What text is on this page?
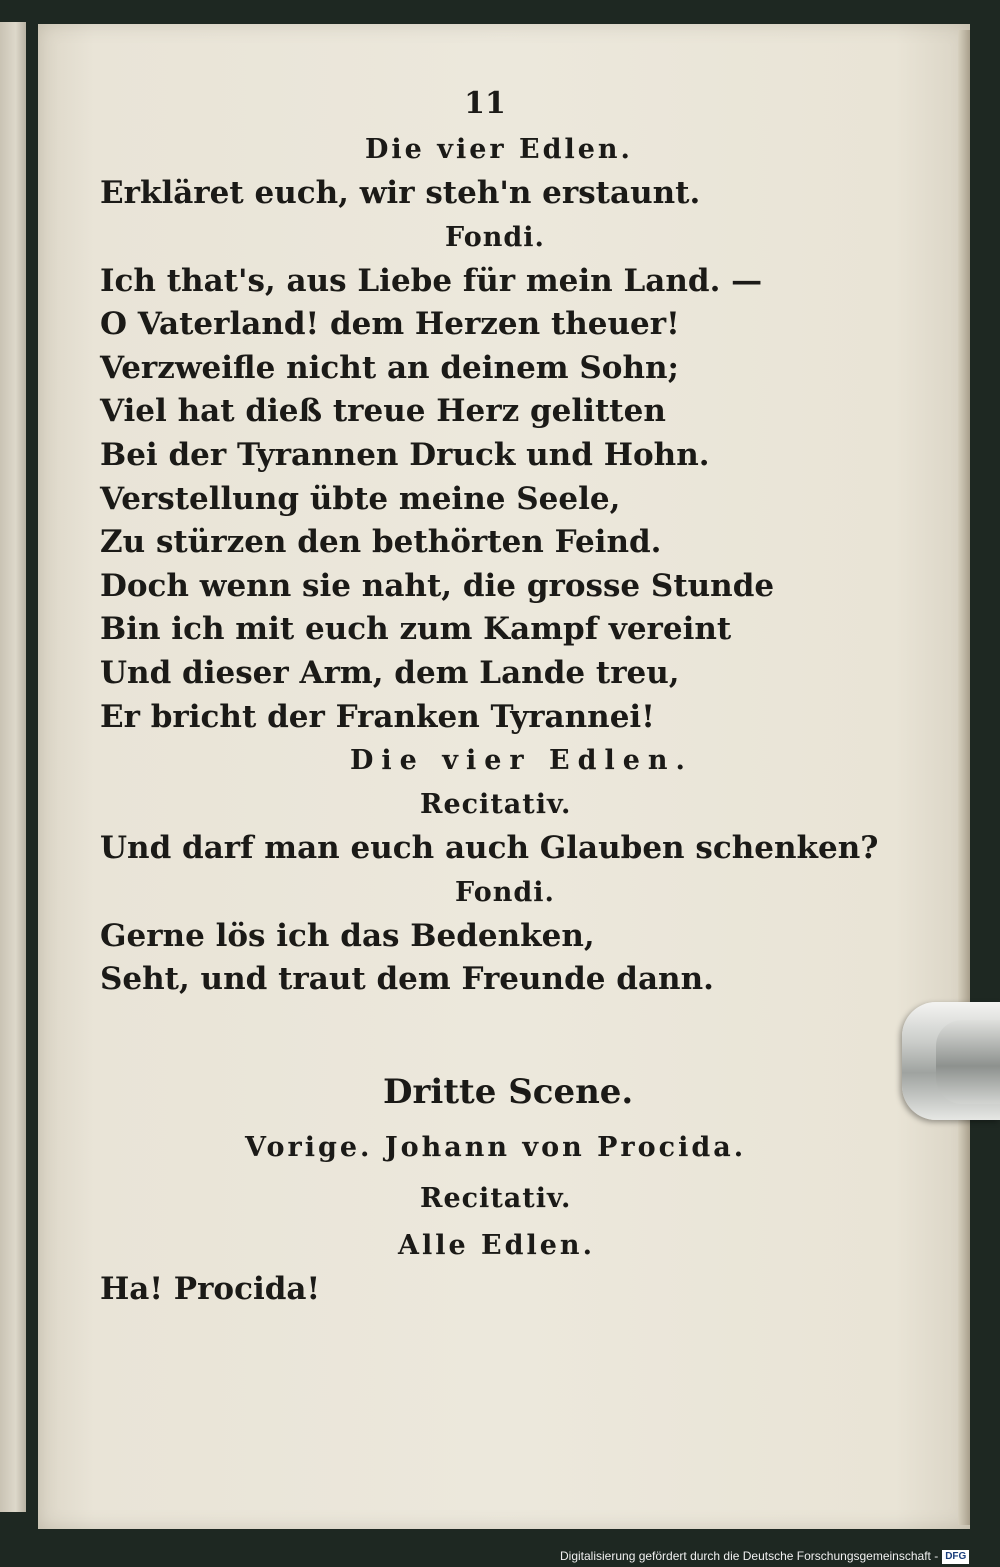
11
Die vier Edlen.
Erkläret euch, wir steh'n erstaunt.
Fondi.
Ich that's, aus Liebe für mein Land. —
O Vaterland! dem Herzen theuer!
Verzweifle nicht an deinem Sohn;
Viel hat dieß treue Herz gelitten
Bei der Tyrannen Druck und Hohn.
Verstellung übte meine Seele,
Zu stürzen den bethörten Feind.
Doch wenn sie naht, die grosse Stunde
Bin ich mit euch zum Kampf vereint
Und dieser Arm, dem Lande treu,
Er bricht der Franken Tyrannei!
Die vier Edlen.
Recitativ.
Und darf man euch auch Glauben schenken?
Fondi.
Gerne lös ich das Bedenken,
Seht, und traut dem Freunde dann.
Dritte Scene.
Vorige. Johann von Procida.
Recitativ.
Alle Edlen.
Ha! Procida!
Digitalisierung gefördert durch die Deutsche Forschungsgemeinschaft - DFG
